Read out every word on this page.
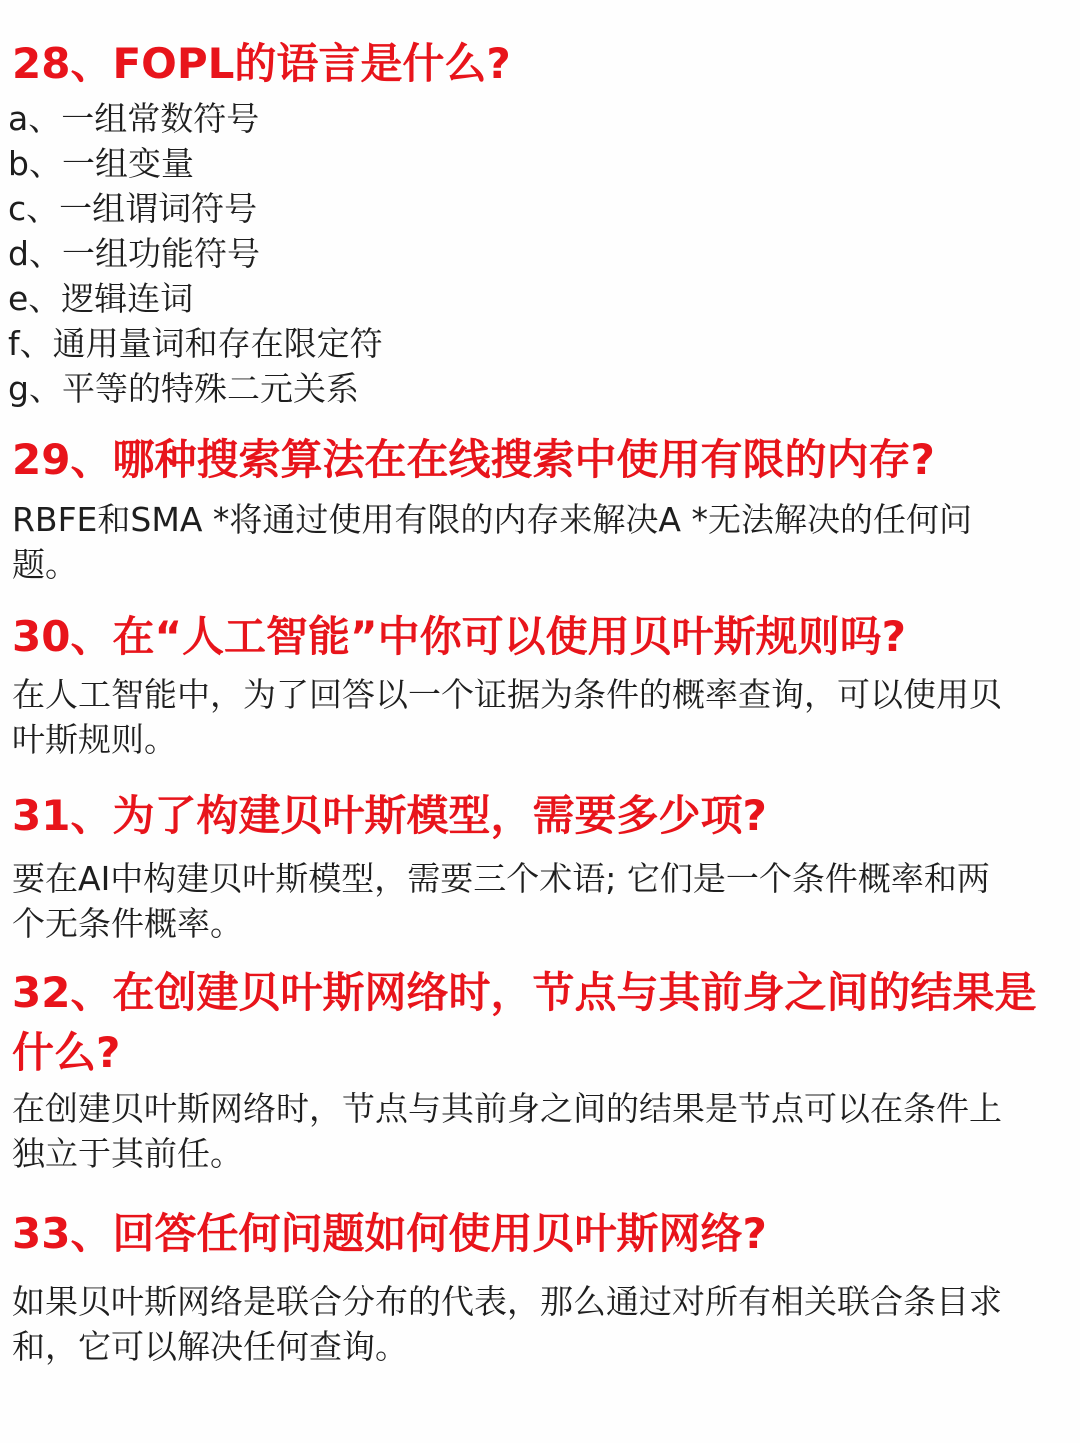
28、FOPL的语言是什么?

a、一组常数符号

b、一组变量

c、一组谓词符号

d、一组功能符号

e、逻辑连词

f、通用量词和存在限定符

g、平等的特殊二元关系

29、哪种搜索算法在在线搜索中使用有限的内存?

RBFE和SMA *将通过使用有限的内存来解决A *无法解决的任何问题。

30、在“人工智能”中你可以使用贝叶斯规则吗?

在人工智能中，为了回答以一个证据为条件的概率查询，可以使用贝叶斯规则。

31、为了构建贝叶斯模型，需要多少项?

要在AI中构建贝叶斯模型，需要三个术语; 它们是一个条件概率和两个无条件概率。

32、在创建贝叶斯网络时，节点与其前身之间的结果是什么?

在创建贝叶斯网络时，节点与其前身之间的结果是节点可以在条件上独立于其前任。

33、回答任何问题如何使用贝叶斯网络?

如果贝叶斯网络是联合分布的代表，那么通过对所有相关联合条目求和，它可以解决任何查询。
